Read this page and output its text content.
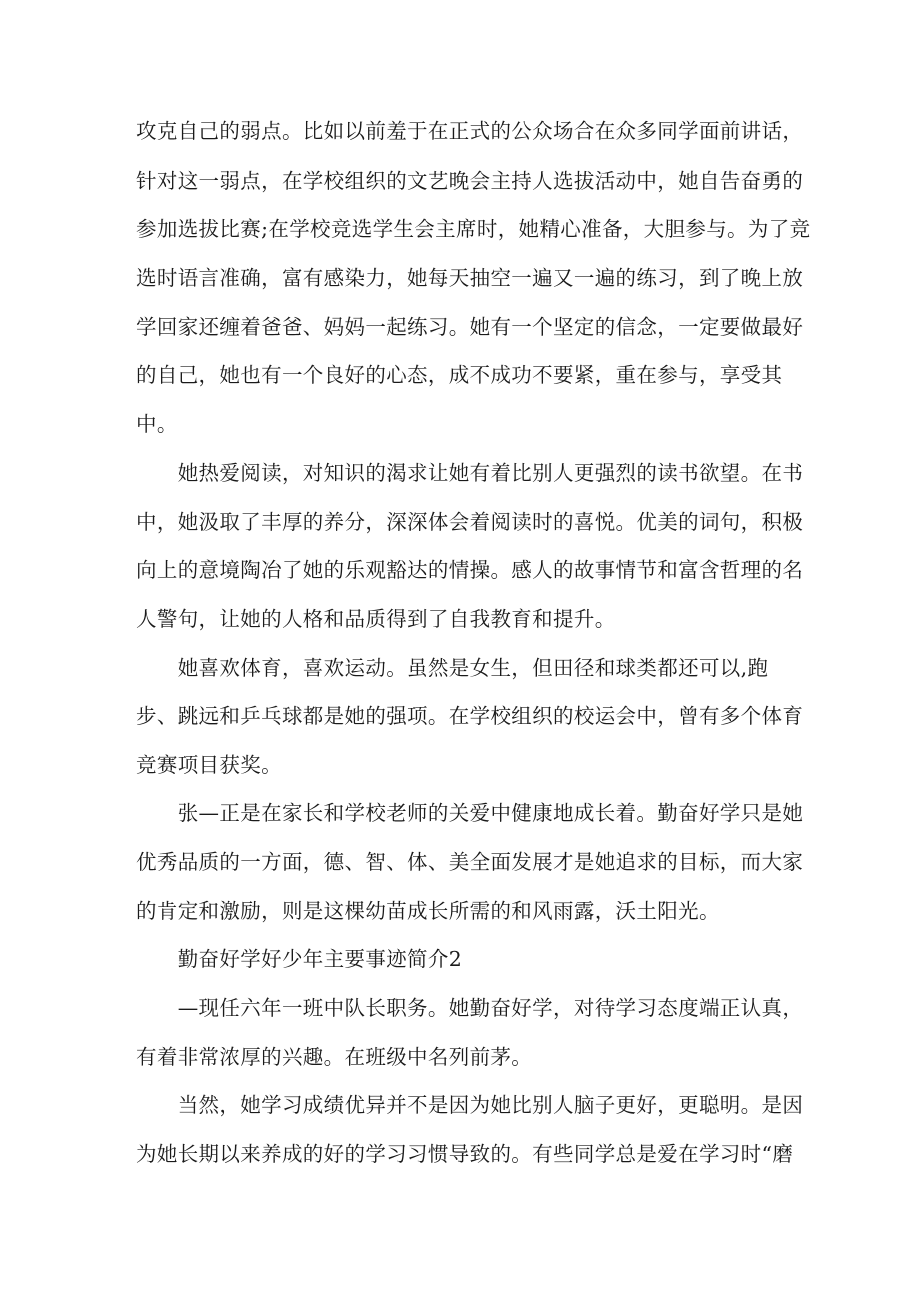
攻克自己的弱点。比如以前羞于在正式的公众场合在众多同学面前讲话，
针对这一弱点，在学校组织的文艺晚会主持人选拔活动中，她自告奋勇的
参加选拔比赛;在学校竞选学生会主席时，她精心准备，大胆参与。为了竞
选时语言准确，富有感染力，她每天抽空一遍又一遍的练习，到了晚上放
学回家还缠着爸爸、妈妈一起练习。她有一个坚定的信念，一定要做最好
的自己，她也有一个良好的心态，成不成功不要紧，重在参与，享受其
中。
　　她热爱阅读，对知识的渴求让她有着比别人更强烈的读书欲望。在书
中，她汲取了丰厚的养分，深深体会着阅读时的喜悦。优美的词句，积极
向上的意境陶冶了她的乐观豁达的情操。感人的故事情节和富含哲理的名
人警句，让她的人格和品质得到了自我教育和提升。
　　她喜欢体育，喜欢运动。虽然是女生，但田径和球类都还可以,跑
步、跳远和乒乓球都是她的强项。在学校组织的校运会中，曾有多个体育
竞赛项目获奖。
　　张—正是在家长和学校老师的关爱中健康地成长着。勤奋好学只是她
优秀品质的一方面，德、智、体、美全面发展才是她追求的目标，而大家
的肯定和激励，则是这棵幼苗成长所需的和风雨露，沃土阳光。
　　勤奋好学好少年主要事迹简介2
　　—现任六年一班中队长职务。她勤奋好学，对待学习态度端正认真，
有着非常浓厚的兴趣。在班级中名列前茅。
　　当然，她学习成绩优异并不是因为她比别人脑子更好，更聪明。是因
为她长期以来养成的好的学习习惯导致的。有些同学总是爱在学习时“磨
